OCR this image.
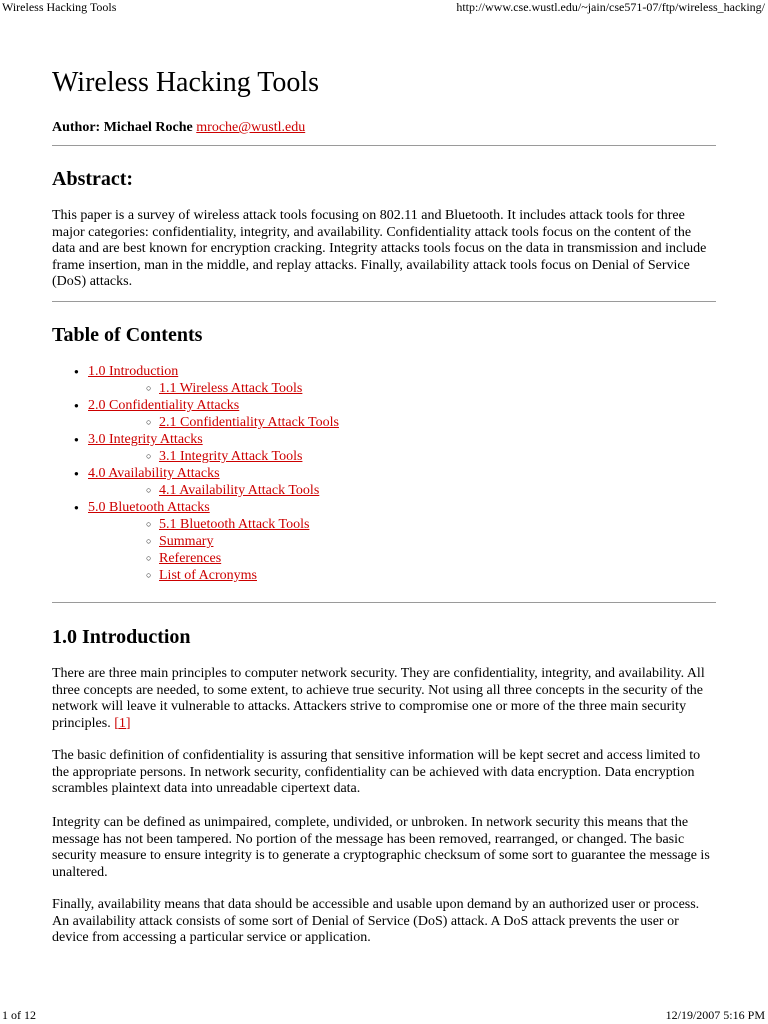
Wireless Hacking Tools	http://www.cse.wustl.edu/~jain/cse571-07/ftp/wireless_hacking/
Wireless Hacking Tools
Author: Michael Roche mroche@wustl.edu
Abstract:

This paper is a survey of wireless attack tools focusing on 802.11 and Bluetooth. It includes attack tools for three major categories: confidentiality, integrity, and availability. Confidentiality attack tools focus on the content of the data and are best known for encryption cracking. Integrity attacks tools focus on the data in transmission and include frame insertion, man in the middle, and replay attacks. Finally, availability attack tools focus on Denial of Service (DoS) attacks.

Table of Contents
● 1.0 Introduction
○ 1.1 Wireless Attack Tools
● 2.0 Confidentiality Attacks
○ 2.1 Confidentiality Attack Tools
● 3.0 Integrity Attacks
○ 3.1 Integrity Attack Tools
● 4.0 Availability Attacks
○ 4.1 Availability Attack Tools
● 5.0 Bluetooth Attacks
○ 5.1 Bluetooth Attack Tools
○ Summary
○ References
○ List of Acronyms
1.0 Introduction

There are three main principles to computer network security. They are confidentiality, integrity, and availability. All three concepts are needed, to some extent, to achieve true security. Not using all three concepts in the security of the network will leave it vulnerable to attacks. Attackers strive to compromise one or more of the three main security principles. [1]

The basic definition of confidentiality is assuring that sensitive information will be kept secret and access limited to the appropriate persons. In network security, confidentiality can be achieved with data encryption. Data encryption scrambles plaintext data into unreadable cipertext data.

Integrity can be defined as unimpaired, complete, undivided, or unbroken. In network security this means that the message has not been tampered. No portion of the message has been removed, rearranged, or changed. The basic security measure to ensure integrity is to generate a cryptographic checksum of some sort to guarantee the message is unaltered.

Finally, availability means that data should be accessible and usable upon demand by an authorized user or process. An availability attack consists of some sort of Denial of Service (DoS) attack. A DoS attack prevents the user or device from accessing a particular service or application.

1 of 12	12/19/2007 5:16 PM
